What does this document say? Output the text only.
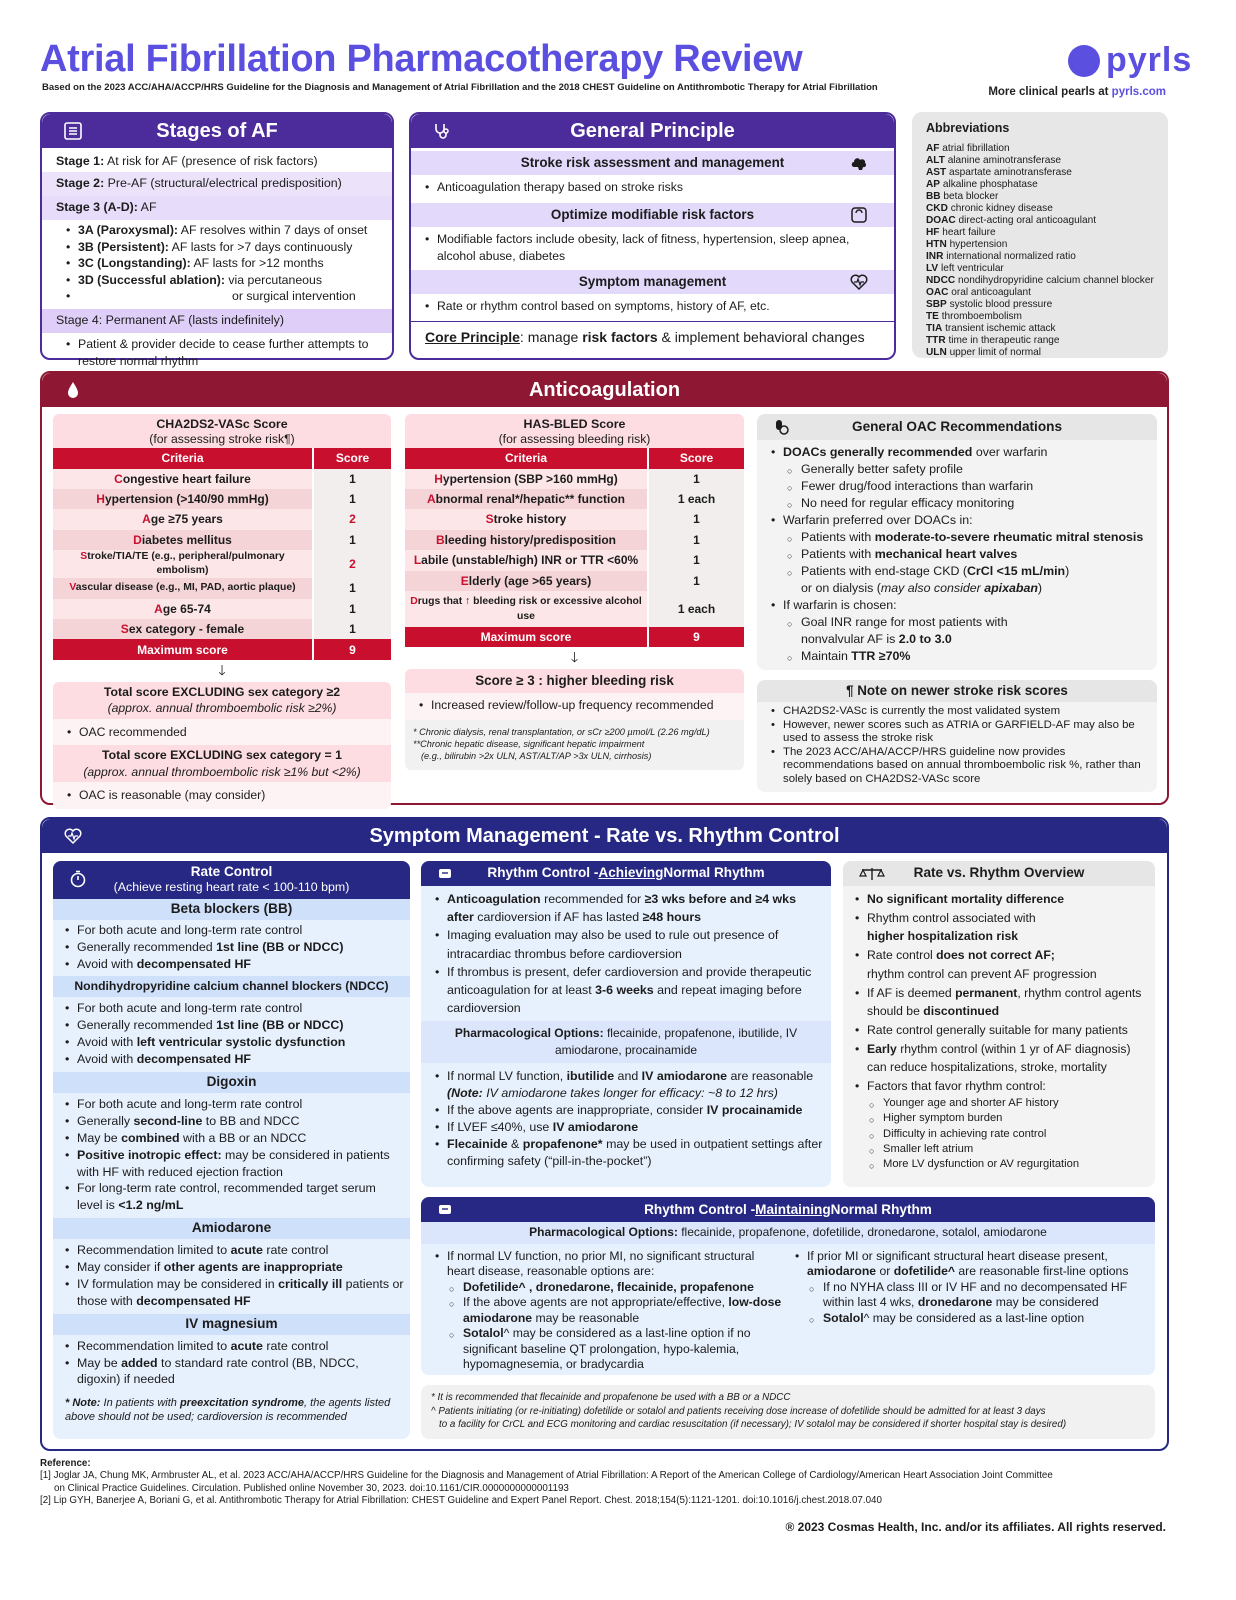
Atrial Fibrillation Pharmacotherapy Review
Based on the 2023 ACC/AHA/ACCP/HRS Guideline for the Diagnosis and Management of Atrial Fibrillation and the 2018 CHEST Guideline on Antithrombotic Therapy for Atrial Fibrillation
pyrls
More clinical pearls at pyrls.com
Stages of AF
Stage 1: At risk for AF (presence of risk factors)
Stage 2: Pre-AF (structural/electrical predisposition)
Stage 3 (A-D): AF
• 3A (Paroxysmal): AF resolves within 7 days of onset
• 3B (Persistent): AF lasts for >7 days continuously
• 3C (Longstanding): AF lasts for >12 months
• 3D (Successful ablation): via percutaneous
• or surgical intervention
Stage 4: Permanent AF (lasts indefinitely)
• Patient & provider decide to cease further attempts to restore normal rhythm
General Principle
Stroke risk assessment and management
• Anticoagulation therapy based on stroke risks
Optimize modifiable risk factors
• Modifiable factors include obesity, lack of fitness, hypertension, sleep apnea, alcohol abuse, diabetes
Symptom management
• Rate or rhythm control based on symptoms, history of AF, etc.
Core Principle: manage risk factors & implement behavioral changes
Abbreviations
AF atrial fibrillation
ALT alanine aminotransferase
AST aspartate aminotransferase
AP alkaline phosphatase
BB beta blocker
CKD chronic kidney disease
DOAC direct-acting oral anticoagulant
HF heart failure
HTN hypertension
INR international normalized ratio
LV left ventricular
NDCC nondihydropyridine calcium channel blocker
OAC oral anticoagulant
SBP systolic blood pressure
TE thromboembolism
TIA transient ischemic attack
TTR time in therapeutic range
ULN upper limit of normal
Anticoagulation
CHA2DS2-VASc Score
(for assessing stroke risk¶)
Criteria	Score
Congestive heart failure	1
Hypertension (>140/90 mmHg)	1
Age ≥75 years	2
Diabetes mellitus	1
Stroke/TIA/TE (e.g., peripheral/pulmonary embolism)	2
Vascular disease (e.g., MI, PAD, aortic plaque)	1
Age 65-74	1
Sex category - female	1
Maximum score	9
🡓
Total score EXCLUDING sex category ≥2
(approx. annual thromboembolic risk ≥2%)
• OAC recommended
Total score EXCLUDING sex category = 1
(approx. annual thromboembolic risk ≥1% but <2%)
• OAC is reasonable (may consider)
HAS-BLED Score
(for assessing bleeding risk)
Criteria	Score
Hypertension (SBP >160 mmHg)	1
Abnormal renal*/hepatic** function	1 each
Stroke history	1
Bleeding history/predisposition	1
Labile (unstable/high) INR or TTR <60%	1
Elderly (age >65 years)	1
Drugs that ↑ bleeding risk or excessive alcohol use	1 each
Maximum score	9
🡓
Score ≥ 3 : higher bleeding risk
• Increased review/follow-up frequency recommended
* Chronic dialysis, renal transplantation, or sCr ≥200 µmol/L (2.26 mg/dL)
**Chronic hepatic disease, significant hepatic impairment
(e.g., bilirubin >2x ULN, AST/ALT/AP >3x ULN, cirrhosis)
General OAC Recommendations
• DOACs generally recommended over warfarin
○ Generally better safety profile
○ Fewer drug/food interactions than warfarin
○ No need for regular efficacy monitoring
• Warfarin preferred over DOACs in:
○ Patients with moderate-to-severe rheumatic mitral stenosis
○ Patients with mechanical heart valves
○ Patients with end-stage CKD (CrCl <15 mL/min)
or on dialysis (may also consider apixaban)
• If warfarin is chosen:
○ Goal INR range for most patients with
nonvalvular AF is 2.0 to 3.0
○ Maintain TTR ≥70%
¶ Note on newer stroke risk scores
• CHA2DS2-VASc is currently the most validated system
• However, newer scores such as ATRIA or GARFIELD-AF may also be used to assess the stroke risk
• The 2023 ACC/AHA/ACCP/HRS guideline now provides recommendations based on annual thromboembolic risk %, rather than solely based on CHA2DS2-VASc score
Symptom Management - Rate vs. Rhythm Control
Rate Control
(Achieve resting heart rate < 100-110 bpm)
Beta blockers (BB)
• For both acute and long-term rate control
• Generally recommended 1st line (BB or NDCC)
• Avoid with decompensated HF
Nondihydropyridine calcium channel blockers (NDCC)
• For both acute and long-term rate control
• Generally recommended 1st line (BB or NDCC)
• Avoid with left ventricular systolic dysfunction
• Avoid with decompensated HF
Digoxin
• For both acute and long-term rate control
• Generally second-line to BB and NDCC
• May be combined with a BB or an NDCC
• Positive inotropic effect: may be considered in patients with HF with reduced ejection fraction
• For long-term rate control, recommended target serum level is <1.2 ng/mL
Amiodarone
• Recommendation limited to acute rate control
• May consider if other agents are inappropriate
• IV formulation may be considered in critically ill patients or those with decompensated HF
IV magnesium
• Recommendation limited to acute rate control
• May be added to standard rate control (BB, NDCC, digoxin) if needed
* Note: In patients with preexcitation syndrome, the agents listed above should not be used; cardioversion is recommended
Rhythm Control - Achieving Normal Rhythm
• Anticoagulation recommended for ≥3 wks before and ≥4 wks after cardioversion if AF has lasted ≥48 hours
• Imaging evaluation may also be used to rule out presence of intracardiac thrombus before cardioversion
• If thrombus is present, defer cardioversion and provide therapeutic anticoagulation for at least 3-6 weeks and repeat imaging before cardioversion
Pharmacological Options: flecainide, propafenone, ibutilide, IV amiodarone, procainamide
• If normal LV function, ibutilide and IV amiodarone are reasonable
(Note: IV amiodarone takes longer for efficacy: ~8 to 12 hrs)
• If the above agents are inappropriate, consider IV procainamide
• If LVEF ≤40%, use IV amiodarone
• Flecainide & propafenone* may be used in outpatient settings after confirming safety (“pill-in-the-pocket”)
Rate vs. Rhythm Overview
• No significant mortality difference
• Rhythm control associated with
higher hospitalization risk
• Rate control does not correct AF;
rhythm control can prevent AF progression
• If AF is deemed permanent, rhythm control agents should be discontinued
• Rate control generally suitable for many patients
• Early rhythm control (within 1 yr of AF diagnosis) can reduce hospitalizations, stroke, mortality
• Factors that favor rhythm control:
○ Younger age and shorter AF history
○ Higher symptom burden
○ Difficulty in achieving rate control
○ Smaller left atrium
○ More LV dysfunction or AV regurgitation
Rhythm Control - Maintaining Normal Rhythm
Pharmacological Options: flecainide, propafenone, dofetilide, dronedarone, sotalol, amiodarone
• If normal LV function, no prior MI, no significant structural heart disease, reasonable options are:
○ Dofetilide^ , dronedarone, flecainide, propafenone
○ If the above agents are not appropriate/effective, low-dose amiodarone may be reasonable
○ Sotalol^ may be considered as a last-line option if no significant baseline QT prolongation, hypo-kalemia, hypomagnesemia, or bradycardia
• If prior MI or significant structural heart disease present, amiodarone or dofetilide^ are reasonable first-line options
○ If no NYHA class III or IV HF and no decompensated HF within last 4 wks, dronedarone may be considered
○ Sotalol^ may be considered as a last-line option
* It is recommended that flecainide and propafenone be used with a BB or a NDCC
^ Patients initiating (or re-initiating) dofetilide or sotalol and patients receiving dose increase of dofetilide should be admitted for at least 3 days
to a facility for CrCL and ECG monitoring and cardiac resuscitation (if necessary); IV sotalol may be considered if shorter hospital stay is desired)
Reference:
[1] Joglar JA, Chung MK, Armbruster AL, et al. 2023 ACC/AHA/ACCP/HRS Guideline for the Diagnosis and Management of Atrial Fibrillation: A Report of the American College of Cardiology/American Heart Association Joint Committee
on Clinical Practice Guidelines. Circulation. Published online November 30, 2023. doi:10.1161/CIR.0000000000001193
[2] Lip GYH, Banerjee A, Boriani G, et al. Antithrombotic Therapy for Atrial Fibrillation: CHEST Guideline and Expert Panel Report. Chest. 2018;154(5):1121-1201. doi:10.1016/j.chest.2018.07.040
® 2023 Cosmas Health, Inc. and/or its affiliates. All rights reserved.
